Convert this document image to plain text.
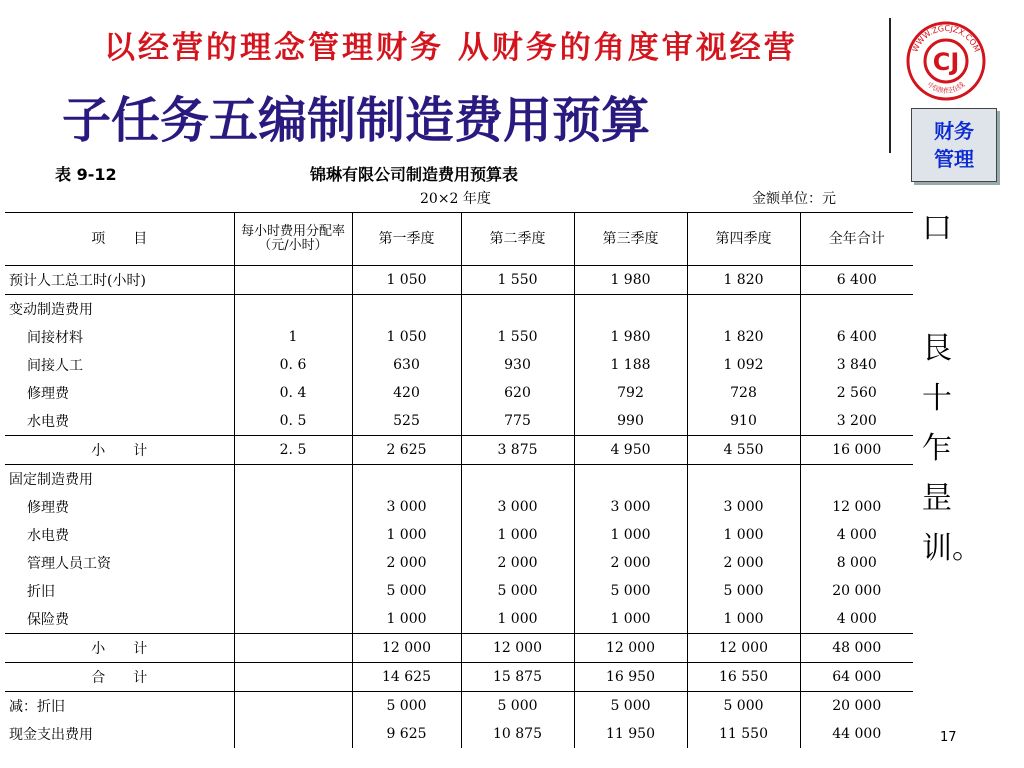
以经营的理念管理财务 从财务的角度审视经营	WWW.ZGCJZX.COM
中国财经在线
CJ
财务
管理
子任务五编制制造费用预算
表 9-12	锦琳有限公司制造费用预算表
20×2 年度	金额单位：元
项　　目	每小时费用分配率（元/小时）	第一季度	第二季度	第三季度	第四季度	全年合计
预计人工总工时(小时)		1 050	1 550	1 980	1 820	6 400
变动制造费用						
间接材料	1	1 050	1 550	1 980	1 820	6 400
间接人工	0. 6	630	930	1 188	1 092	3 840
修理费	0. 4	420	620	792	728	2 560
水电费	0. 5	525	775	990	910	3 200
小　　计	2. 5	2 625	3 875	4 950	4 550	16 000
固定制造费用						
修理费		3 000	3 000	3 000	3 000	12 000
水电费		1 000	1 000	1 000	1 000	4 000
管理人员工资		2 000	2 000	2 000	2 000	8 000
折旧		5 000	5 000	5 000	5 000	20 000
保险费		1 000	1 000	1 000	1 000	4 000
小　　计		12 000	12 000	12 000	12 000	48 000
合　　计		14 625	15 875	16 950	16 550	64 000
减：折旧		5 000	5 000	5 000	5 000	20 000
现金支出费用		9 625	10 875	11 950	11 550	44 000
口
艮
十
乍
昰
训。
17
